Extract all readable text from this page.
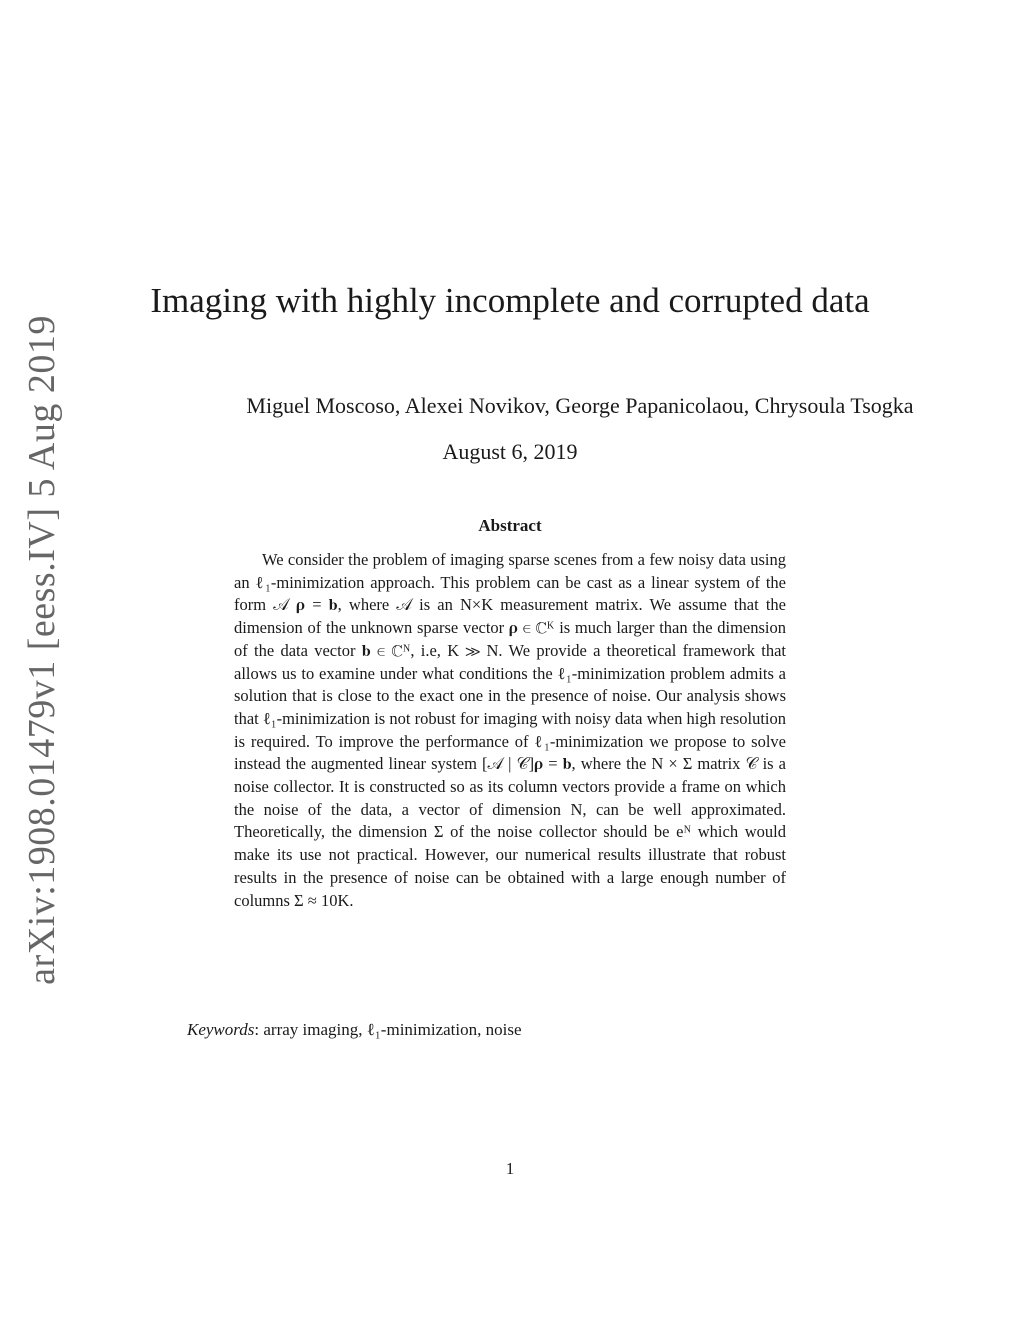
arXiv:1908.01479v1 [eess.IV] 5 Aug 2019
Imaging with highly incomplete and corrupted data
Miguel Moscoso, Alexei Novikov, George Papanicolaou, Chrysoula Tsogka
August 6, 2019
Abstract
We consider the problem of imaging sparse scenes from a few noisy data using an ℓ₁-minimization approach. This problem can be cast as a linear system of the form 𝒜 𝛒 = 𝐛, where 𝒜 is an N×K measurement matrix. We assume that the dimension of the unknown sparse vector 𝛒 ∈ ℂᴷ is much larger than the dimension of the data vector 𝐛 ∈ ℂᴺ, i.e, K ≫ N. We provide a theoretical framework that allows us to examine under what conditions the ℓ₁-minimization problem admits a solution that is close to the exact one in the presence of noise. Our analysis shows that ℓ₁-minimization is not robust for imaging with noisy data when high resolution is required. To improve the performance of ℓ₁-minimization we propose to solve instead the augmented linear system [𝒜 | 𝒞]𝛒 = 𝐛, where the N × Σ matrix 𝒞 is a noise collector. It is constructed so as its column vectors provide a frame on which the noise of the data, a vector of dimension N, can be well approximated. Theoretically, the dimension Σ of the noise collector should be eᴺ which would make its use not practical. However, our numerical results illustrate that robust results in the presence of noise can be obtained with a large enough number of columns Σ ≈ 10K.
Keywords: array imaging, ℓ₁-minimization, noise
1
